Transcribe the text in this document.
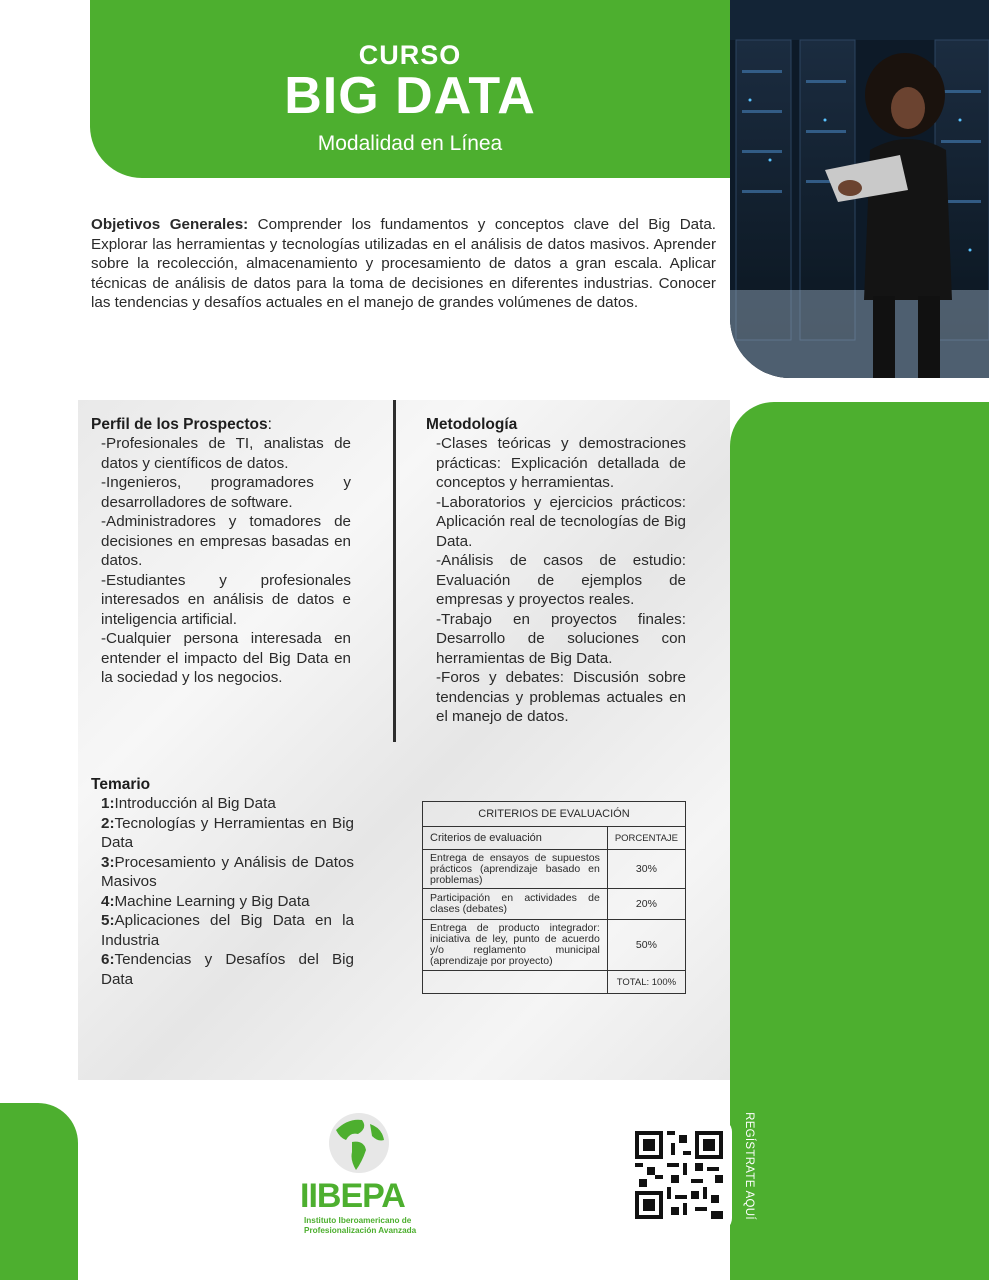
CURSO
BIG DATA
Modalidad en Línea
Objetivos Generales: Comprender los fundamentos y conceptos clave del Big Data. Explorar las herramientas y tecnologías utilizadas en el análisis de datos masivos. Aprender sobre la recolección, almacenamiento y procesamiento de datos a gran escala. Aplicar técnicas de análisis de datos para la toma de decisiones en diferentes industrias. Conocer las tendencias y desafíos actuales en el manejo de grandes volúmenes de datos.
Perfil de los Prospectos:

-Profesionales de TI, analistas de datos y científicos de datos.

-Ingenieros, programadores y desarrolladores de software.

-Administradores y tomadores de decisiones en empresas basadas en datos.

-Estudiantes y profesionales interesados en análisis de datos e inteligencia artificial.

-Cualquier persona interesada en entender el impacto del Big Data en la sociedad y los negocios.

Metodología

-Clases teóricas y demostraciones prácticas: Explicación detallada de conceptos y herramientas.

-Laboratorios y ejercicios prácticos: Aplicación real de tecnologías de Big Data.

-Análisis de casos de estudio: Evaluación de ejemplos de empresas y proyectos reales.

-Trabajo en proyectos finales: Desarrollo de soluciones con herramientas de Big Data.

-Foros y debates: Discusión sobre tendencias y problemas actuales en el manejo de datos.

Temario

1:Introducción al Big Data

2:Tecnologías y Herramientas en Big Data

3:Procesamiento y Análisis de Datos Masivos

4:Machine Learning y Big Data

5:Aplicaciones del Big Data en la Industria

6:Tendencias y Desafíos del Big Data

CRITERIOS DE EVALUACIÓN	
Criterios de evaluación	PORCENTAJE
Entrega de ensayos de supuestos prácticos (aprendizaje basado en problemas)	30%
Participación en actividades de clases (debates)	20%
Entrega de producto integrador: iniciativa de ley, punto de acuerdo y/o reglamento municipal (aprendizaje por proyecto)	50%
	TOTAL: 100%
IIBEPA
Instituto Iberoamericano de
Profesionalización Avanzada
REGÍSTRATE AQUÍ
